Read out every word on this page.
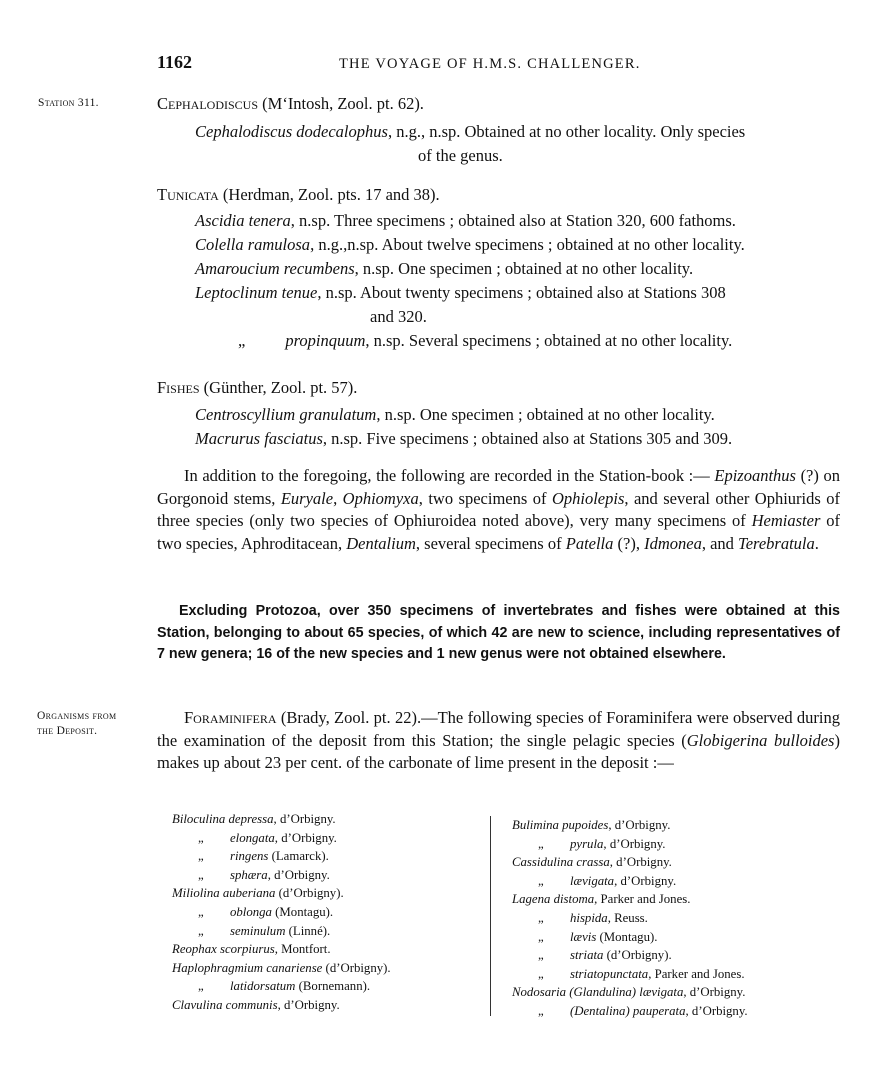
1162	THE VOYAGE OF H.M.S. CHALLENGER.
Station 311.
Organisms from
the Deposit.
Cephalodiscus (M‘Intosh, Zool. pt. 62).
Cephalodiscus dodecalophus, n.g., n.sp. Obtained at no other locality. Only species
of the genus.
Tunicata (Herdman, Zool. pts. 17 and 38).
Ascidia tenera, n.sp. Three specimens ; obtained also at Station 320, 600 fathoms.
Colella ramulosa, n.g.,n.sp. About twelve specimens ; obtained at no other locality.
Amaroucium recumbens, n.sp. One specimen ; obtained at no other locality.
Leptoclinum tenue, n.sp. About twenty specimens ; obtained also at Stations 308
and 320.
„ propinquum, n.sp. Several specimens ; obtained at no other locality.
Fishes (Günther, Zool. pt. 57).
Centroscyllium granulatum, n.sp. One specimen ; obtained at no other locality.
Macrurus fasciatus, n.sp. Five specimens ; obtained also at Stations 305 and 309.
In addition to the foregoing, the following are recorded in the Station-book :— Epizoanthus (?) on Gorgonoid stems, Euryale, Ophiomyxa, two specimens of Ophiolepis, and several other Ophiurids of three species (only two species of Ophiuroidea noted above), very many specimens of Hemiaster of two species, Aphroditacean, Dentalium, several specimens of Patella (?), Idmonea, and Terebratula.
Excluding Protozoa, over 350 specimens of invertebrates and fishes were obtained at this Station, belonging to about 65 species, of which 42 are new to science, including representatives of 7 new genera; 16 of the new species and 1 new genus were not obtained elsewhere.
Foraminifera (Brady, Zool. pt. 22).—The following species of Foraminifera were observed during the examination of the deposit from this Station; the single pelagic species (Globigerina bulloides) makes up about 23 per cent. of the carbonate of lime present in the deposit :—
Biloculina depressa, d’Orbigny.
„ elongata, d’Orbigny.
„ ringens (Lamarck).
„ sphæra, d’Orbigny.
Miliolina auberiana (d’Orbigny).
„ oblonga (Montagu).
„ seminulum (Linné).
Reophax scorpiurus, Montfort.
Haplophragmium canariense (d’Orbigny).
„ latidorsatum (Bornemann).
Clavulina communis, d’Orbigny.
Bulimina pupoides, d’Orbigny.
„ pyrula, d’Orbigny.
Cassidulina crassa, d’Orbigny.
„ lævigata, d’Orbigny.
Lagena distoma, Parker and Jones.
„ hispida, Reuss.
„ lævis (Montagu).
„ striata (d’Orbigny).
„ striatopunctata, Parker and Jones.
Nodosaria (Glandulina) lævigata, d’Orbigny.
„ (Dentalina) pauperata, d’Orbigny.
